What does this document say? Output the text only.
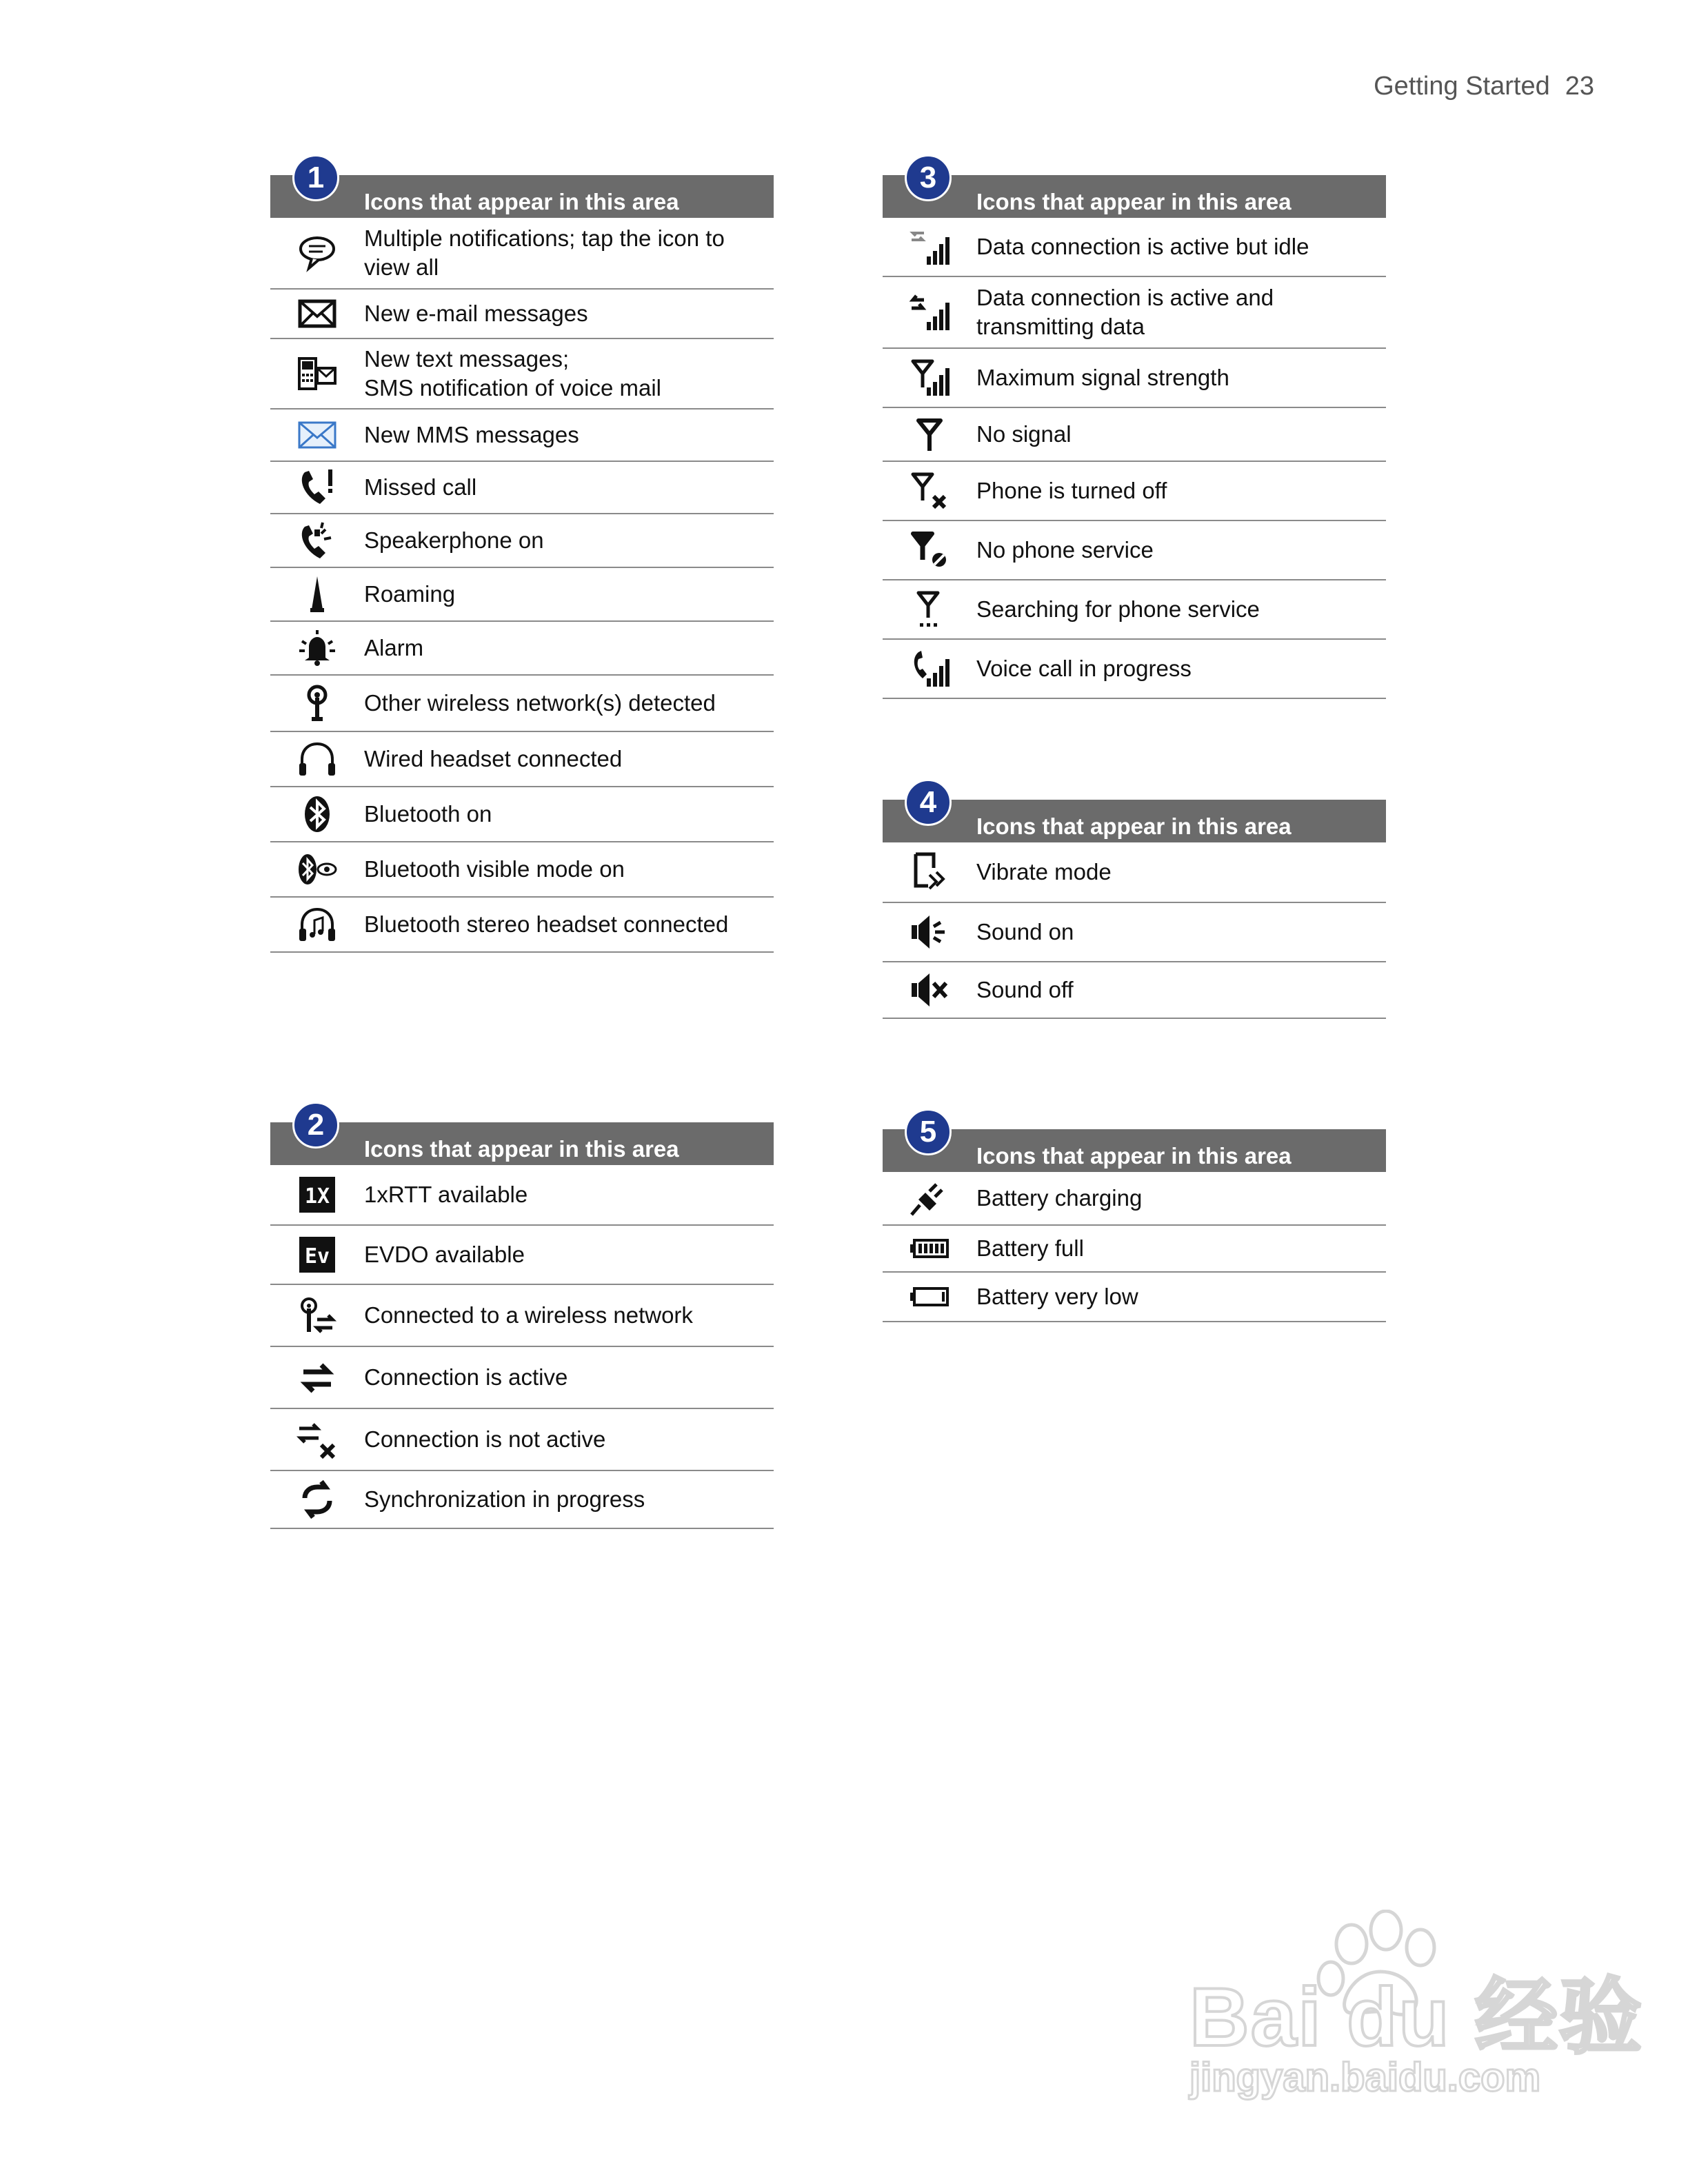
Getting Started 23
1
Icons that appear in this area
Multiple notifications; tap the icon to
view all
New e-mail messages
New text messages;
SMS notification of voice mail
New MMS messages
Missed call
Speakerphone on
Roaming
Alarm
Other wireless network(s) detected
Wired headset connected
Bluetooth on
Bluetooth visible mode on
Bluetooth stereo headset connected
2
Icons that appear in this area
1X 1xRTT available
Ev EVDO available
Connected to a wireless network
Connection is active
Connection is not active
Synchronization in progress
3
Icons that appear in this area
Data connection is active but idle
Data connection is active and
transmitting data
Maximum signal strength
No signal
Phone is turned off
No phone service
Searching for phone service
Voice call in progress
4
Icons that appear in this area
Vibrate mode
Sound on
Sound off
5
Icons that appear in this area
Battery charging
Battery full
Battery very low
Bai du 经验
jingyan.baidu.com
